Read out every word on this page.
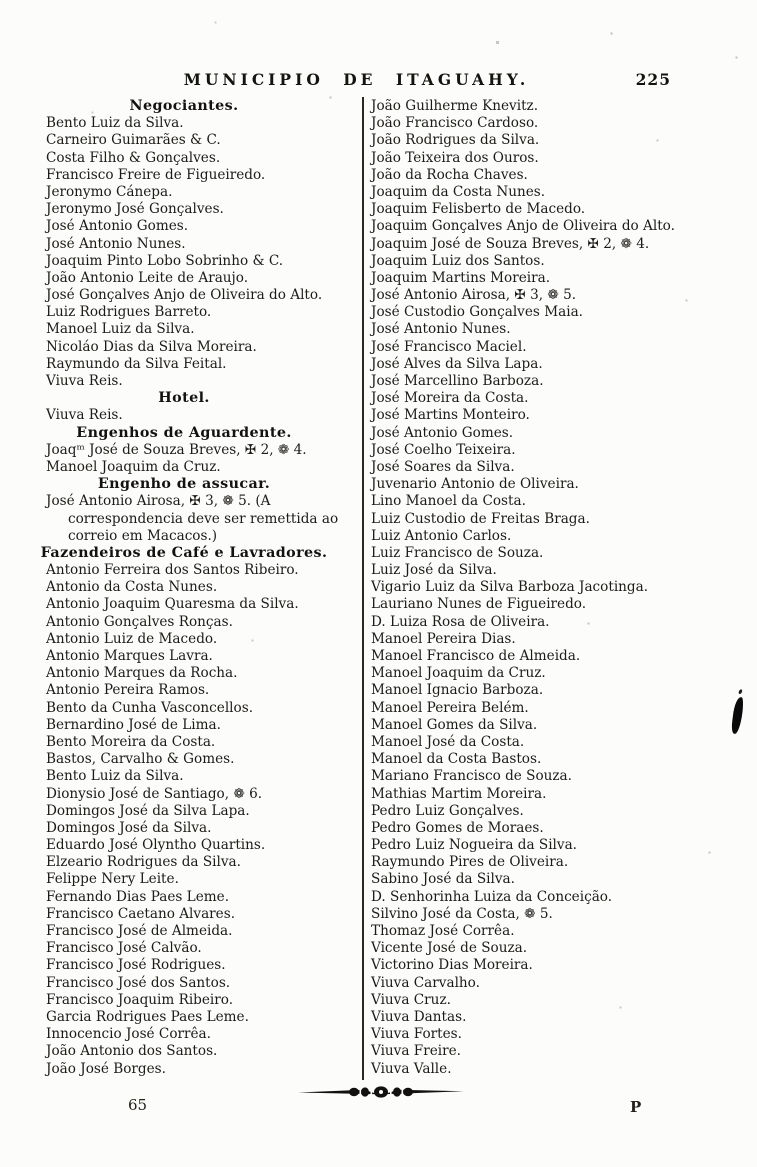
MUNICIPIO DE ITAGUAHY.	225
Negociantes.
Bento Luiz da Silva.
Carneiro Guimarães & C.
Costa Filho & Gonçalves.
Francisco Freire de Figueiredo.
Jeronymo Cánepa.
Jeronymo José Gonçalves.
José Antonio Gomes.
José Antonio Nunes.
Joaquim Pinto Lobo Sobrinho & C.
João Antonio Leite de Araujo.
José Gonçalves Anjo de Oliveira do Alto.
Luiz Rodrigues Barreto.
Manoel Luiz da Silva.
Nicoláo Dias da Silva Moreira.
Raymundo da Silva Feital.
Viuva Reis.
Hotel.
Viuva Reis.
Engenhos de Aguardente.
Joaqᵐ José de Souza Breves, ✠ 2, ❁ 4.
Manoel Joaquim da Cruz.
Engenho de assucar.
José Antonio Airosa, ✠ 3, ❁ 5. (A correspondencia deve ser remettida ao correio em Macacos.)
Fazendeiros de Café e Lavradores.
Antonio Ferreira dos Santos Ribeiro.
Antonio da Costa Nunes.
Antonio Joaquim Quaresma da Silva.
Antonio Gonçalves Ronças.
Antonio Luiz de Macedo.
Antonio Marques Lavra.
Antonio Marques da Rocha.
Antonio Pereira Ramos.
Bento da Cunha Vasconcellos.
Bernardino José de Lima.
Bento Moreira da Costa.
Bastos, Carvalho & Gomes.
Bento Luiz da Silva.
Dionysio José de Santiago, ❁ 6.
Domingos José da Silva Lapa.
Domingos José da Silva.
Eduardo José Olyntho Quartins.
Elzeario Rodrigues da Silva.
Felippe Nery Leite.
Fernando Dias Paes Leme.
Francisco Caetano Alvares.
Francisco José de Almeida.
Francisco José Calvão.
Francisco José Rodrigues.
Francisco José dos Santos.
Francisco Joaquim Ribeiro.
Garcia Rodrigues Paes Leme.
Innocencio José Corrêa.
João Antonio dos Santos.
João José Borges.
João Guilherme Knevitz.
João Francisco Cardoso.
João Rodrigues da Silva.
João Teixeira dos Ouros.
João da Rocha Chaves.
Joaquim da Costa Nunes.
Joaquim Felisberto de Macedo.
Joaquim Gonçalves Anjo de Oliveira do Alto.
Joaquim José de Souza Breves, ✠ 2, ❁ 4.
Joaquim Luiz dos Santos.
Joaquim Martins Moreira.
José Antonio Airosa, ✠ 3, ❁ 5.
José Custodio Gonçalves Maia.
José Antonio Nunes.
José Francisco Maciel.
José Alves da Silva Lapa.
José Marcellino Barboza.
José Moreira da Costa.
José Martins Monteiro.
José Antonio Gomes.
José Coelho Teixeira.
José Soares da Silva.
Juvenario Antonio de Oliveira.
Lino Manoel da Costa.
Luiz Custodio de Freitas Braga.
Luiz Antonio Carlos.
Luiz Francisco de Souza.
Luiz José da Silva.
Vigario Luiz da Silva Barboza Jacotinga.
Lauriano Nunes de Figueiredo.
D. Luiza Rosa de Oliveira.
Manoel Pereira Dias.
Manoel Francisco de Almeida.
Manoel Joaquim da Cruz.
Manoel Ignacio Barboza.
Manoel Pereira Belém.
Manoel Gomes da Silva.
Manoel José da Costa.
Manoel da Costa Bastos.
Mariano Francisco de Souza.
Mathias Martim Moreira.
Pedro Luiz Gonçalves.
Pedro Gomes de Moraes.
Pedro Luiz Nogueira da Silva.
Raymundo Pires de Oliveira.
Sabino José da Silva.
D. Senhorinha Luiza da Conceição.
Silvino José da Costa, ❁ 5.
Thomaz José Corrêa.
Vicente José de Souza.
Victorino Dias Moreira.
Viuva Carvalho.
Viuva Cruz.
Viuva Dantas.
Viuva Fortes.
Viuva Freire.
Viuva Valle.
65	P
